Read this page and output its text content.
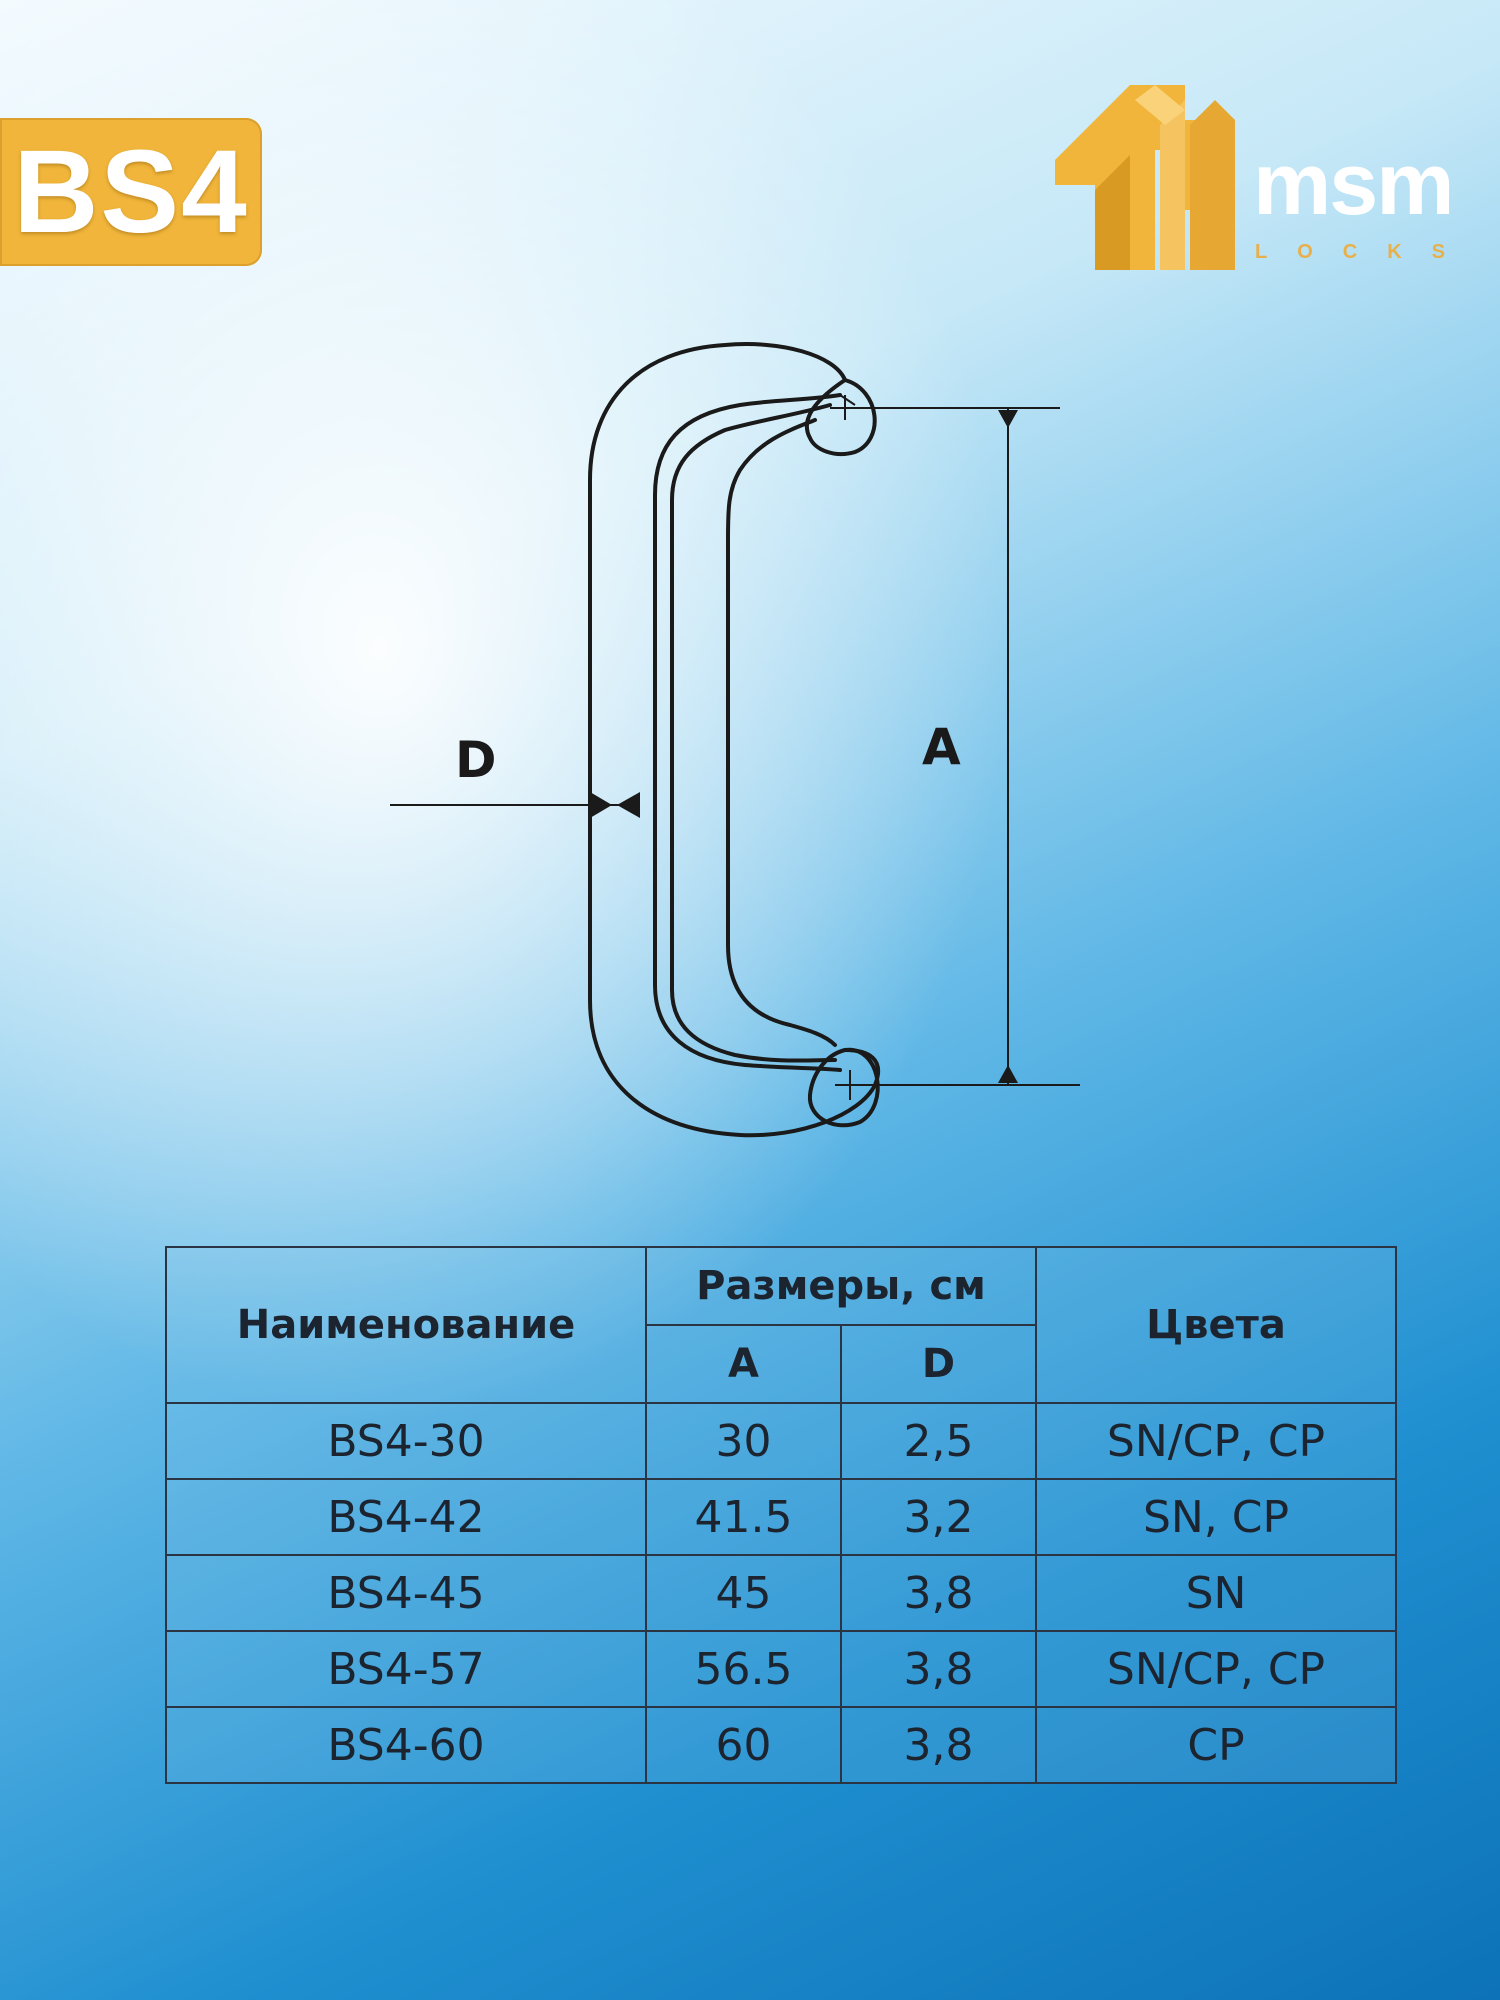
BS4	msm
LOCKS
D	A
Наименование	Размеры, см		Цвета
	A	D	
BS4-30	30	2,5	SN/CP, CP
BS4-42	41.5	3,2	SN, CP
BS4-45	45	3,8	SN
BS4-57	56.5	3,8	SN/CP, CP
BS4-60	60	3,8	CP
